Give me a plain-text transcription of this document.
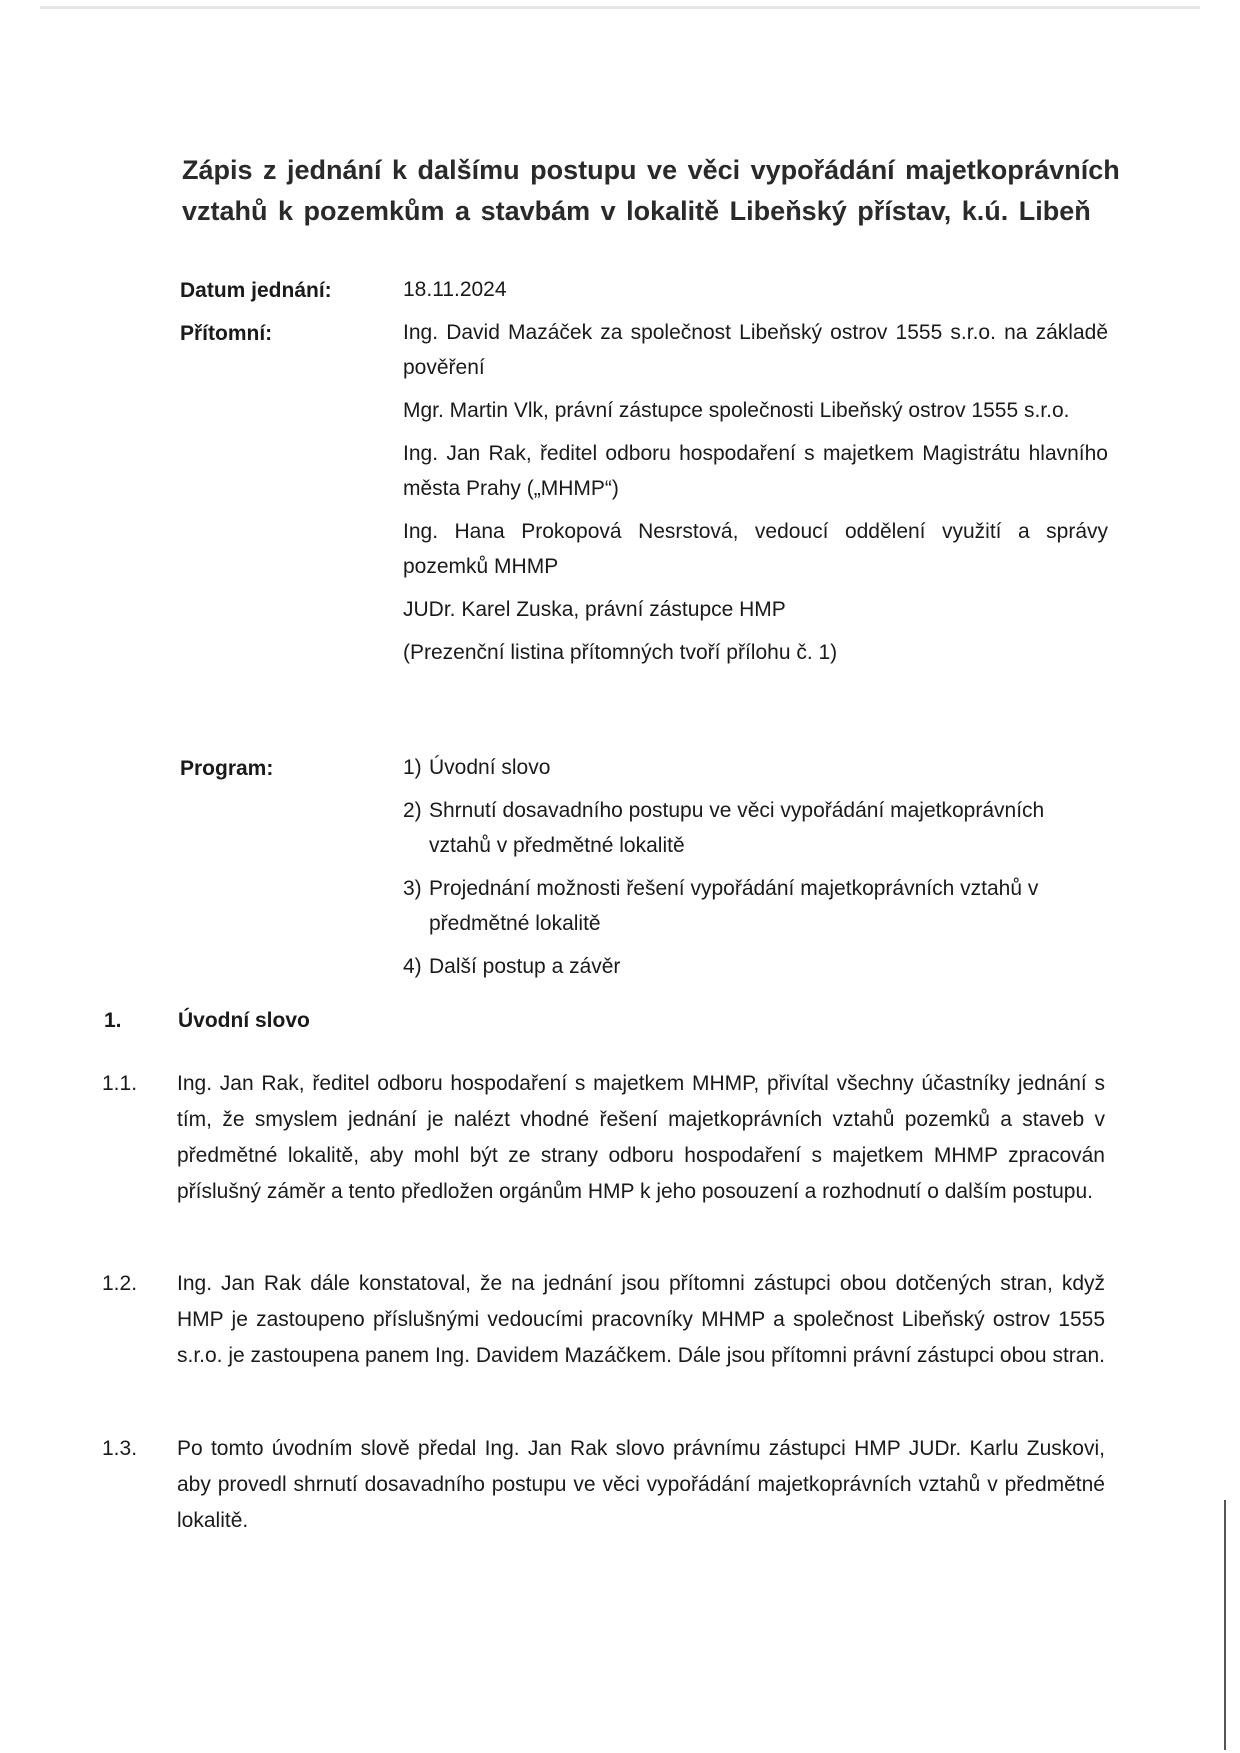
Zápis z jednání k dalšímu postupu ve věci vypořádání majetkoprávních vztahů k pozemkům a stavbám v lokalitě Libeňský přístav, k.ú. Libeň
Datum jednání:	18.11.2024
Přítomní:	Ing. David Mazáček za společnost Libeňský ostrov 1555 s.r.o. na základě pověření

Mgr. Martin Vlk, právní zástupce společnosti Libeňský ostrov 1555 s.r.o.

Ing. Jan Rak, ředitel odboru hospodaření s majetkem Magistrátu hlavního města Prahy („MHMP“)

Ing. Hana Prokopová Nesrstová, vedoucí oddělení využití a správy pozemků MHMP

JUDr. Karel Zuska, právní zástupce HMP

(Prezenční listina přítomných tvoří přílohu č. 1)

Program:	1) Úvodní slovo
2) Shrnutí dosavadního postupu ve věci vypořádání majetkoprávních vztahů v předmětné lokalitě
3) Projednání možnosti řešení vypořádání majetkoprávních vztahů v předmětné lokalitě
4) Další postup a závěr
1.	Úvodní slovo
1.1. Ing. Jan Rak, ředitel odboru hospodaření s majetkem MHMP, přivítal všechny účastníky jednání s tím, že smyslem jednání je nalézt vhodné řešení majetkoprávních vztahů pozemků a staveb v předmětné lokalitě, aby mohl být ze strany odboru hospodaření s majetkem MHMP zpracován příslušný záměr a tento předložen orgánům HMP k jeho posouzení a rozhodnutí o dalším postupu.

1.2. Ing. Jan Rak dále konstatoval, že na jednání jsou přítomni zástupci obou dotčených stran, když HMP je zastoupeno příslušnými vedoucími pracovníky MHMP a společnost Libeňský ostrov 1555 s.r.o. je zastoupena panem Ing. Davidem Mazáčkem. Dále jsou přítomni právní zástupci obou stran.

1.3. Po tomto úvodním slově předal Ing. Jan Rak slovo právnímu zástupci HMP JUDr. Karlu Zuskovi, aby provedl shrnutí dosavadního postupu ve věci vypořádání majetkoprávních vztahů v předmětné lokalitě.
